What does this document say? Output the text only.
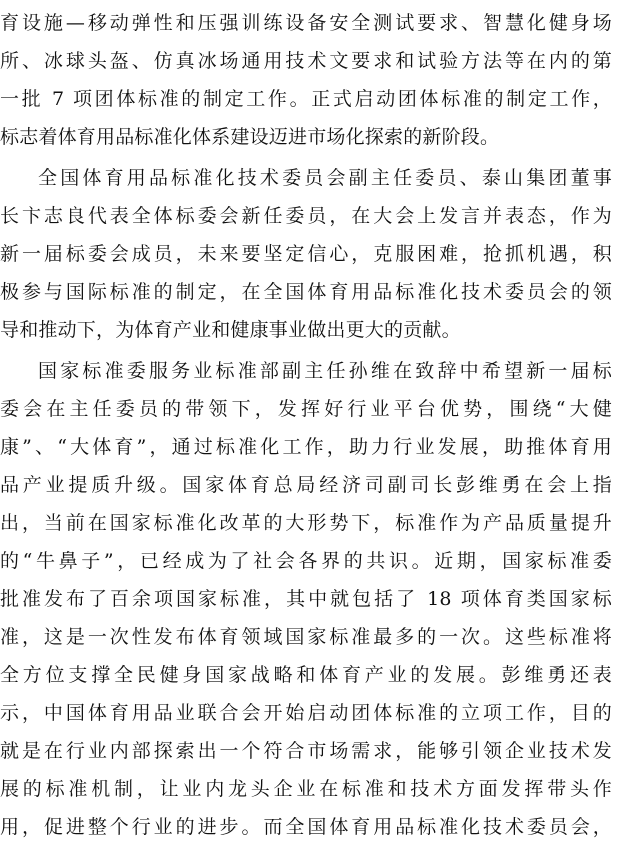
育设施—移动弹性和压强训练设备安全测试要求、智慧化健身场
所、冰球头盔、仿真冰场通用技术文要求和试验方法等在内的第
一批 7 项团体标准的制定工作。正式启动团体标准的制定工作，
标志着体育用品标准化体系建设迈进市场化探索的新阶段。
全国体育用品标准化技术委员会副主任委员、泰山集团董事
长卞志良代表全体标委会新任委员，在大会上发言并表态，作为
新一届标委会成员，未来要坚定信心，克服困难，抢抓机遇，积
极参与国际标准的制定，在全国体育用品标准化技术委员会的领
导和推动下，为体育产业和健康事业做出更大的贡献。
国家标准委服务业标准部副主任孙维在致辞中希望新一届标
委会在主任委员的带领下，发挥好行业平台优势，围绕“大健
康”、“大体育”，通过标准化工作，助力行业发展，助推体育用
品产业提质升级。国家体育总局经济司副司长彭维勇在会上指
出，当前在国家标准化改革的大形势下，标准作为产品质量提升
的“牛鼻子”，已经成为了社会各界的共识。近期，国家标准委
批准发布了百余项国家标准，其中就包括了 18 项体育类国家标
准，这是一次性发布体育领域国家标准最多的一次。这些标准将
全方位支撑全民健身国家战略和体育产业的发展。彭维勇还表
示，中国体育用品业联合会开始启动团体标准的立项工作，目的
就是在行业内部探索出一个符合市场需求，能够引领企业技术发
展的标准机制，让业内龙头企业在标准和技术方面发挥带头作
用，促进整个行业的进步。而全国体育用品标准化技术委员会，
